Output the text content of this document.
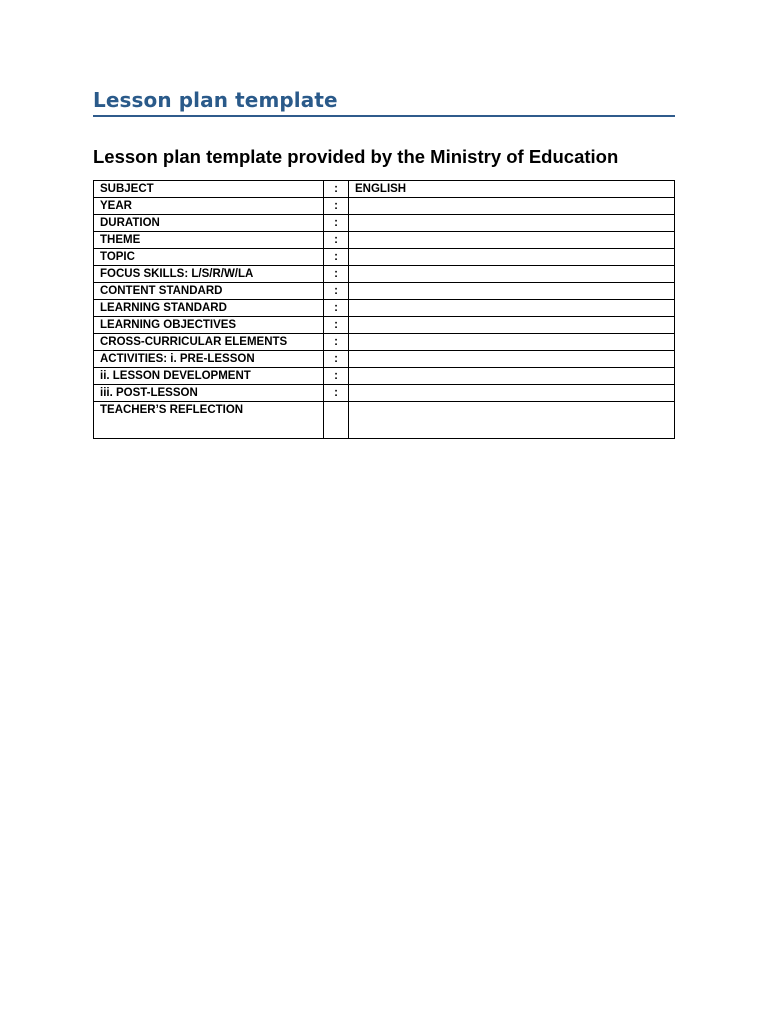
Lesson plan template
Lesson plan template provided by the Ministry of Education
SUBJECT	:	ENGLISH
YEAR	:	
DURATION	:	
THEME	:	
TOPIC	:	
FOCUS SKILLS: L/S/R/W/LA	:	
CONTENT STANDARD	:	
LEARNING STANDARD	:	
LEARNING OBJECTIVES	:	
CROSS-CURRICULAR ELEMENTS	:	
ACTIVITIES: i. PRE-LESSON	:	
ii. LESSON DEVELOPMENT	:	
iii. POST-LESSON	:	
TEACHER’S REFLECTION		
